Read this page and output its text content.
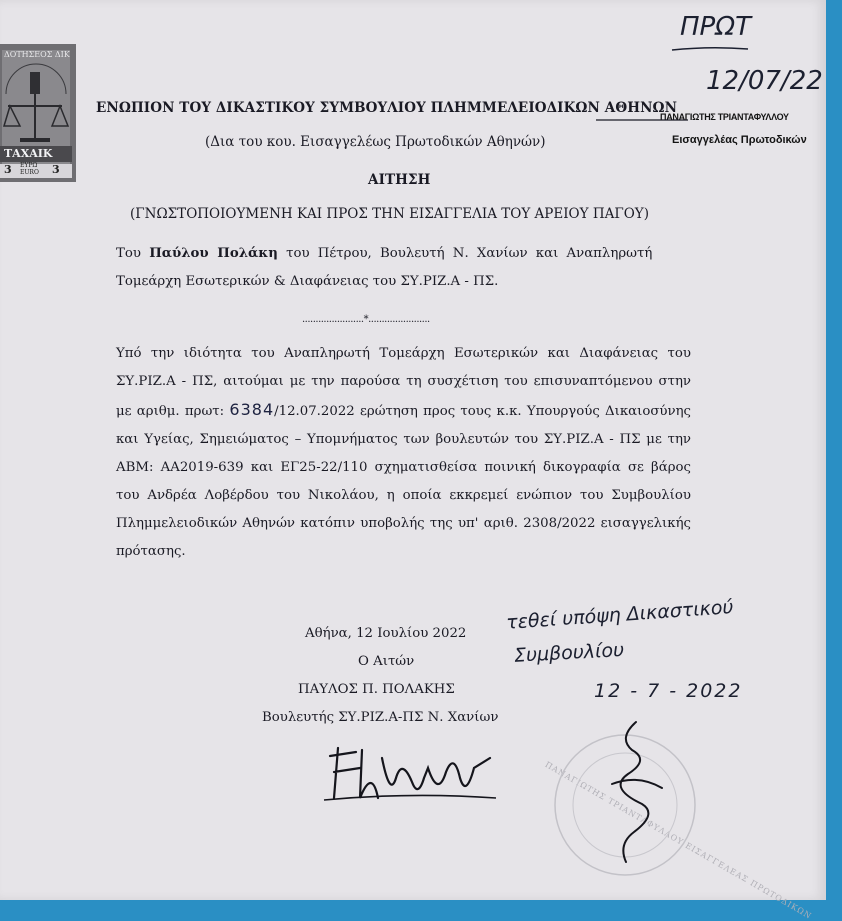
ΔΟΤΗΣΕΟΣ ΔΙΚ
ΤΑΧΑΙΚ
3 ΕΥΡΩ
EURO 3
ΠΡΩΤ
12/07/22
ΠΑΝΑΓΙΩΤΗΣ ΤΡΙΑΝΤΑΦΥΛΛΟΥ
Εισαγγελέας Πρωτοδικών
ΕΝΩΠΙΟΝ ΤΟΥ ΔΙΚΑΣΤΙΚΟΥ ΣΥΜΒΟΥΛΙΟΥ ΠΛΗΜΜΕΛΕΙΟΔΙΚΩΝ ΑΘΗΝΩΝ
(Δια του κου. Εισαγγελέως Πρωτοδικών Αθηνών)
ΑΙΤΗΣΗ
(ΓΝΩΣΤΟΠΟΙΟΥΜΕΝΗ ΚΑΙ ΠΡΟΣ ΤΗΝ ΕΙΣΑΓΓΕΛΙΑ ΤΟΥ ΑΡΕΙΟΥ ΠΑΓΟΥ)
Του Παύλου Πολάκη του Πέτρου, Βουλευτή Ν. Χανίων και Αναπληρωτή
Τομεάρχη Εσωτερικών & Διαφάνειας του ΣΥ.ΡΙΖ.Α - ΠΣ.
.......................*.......................
Υπό την ιδιότητα του Αναπληρωτή Τομεάρχη Εσωτερικών και Διαφάνειας του ΣΥ.ΡΙΖ.Α - ΠΣ, αιτούμαι με την παρούσα τη συσχέτιση του επισυναπτόμενου στην με αριθμ. πρωτ: 6384/12.07.2022 ερώτηση προς τους κ.κ. Υπουργούς Δικαιοσύνης και Υγείας, Σημειώματος – Υπομνήματος των βουλευτών του ΣΥ.ΡΙΖ.Α - ΠΣ με την ΑΒΜ: ΑΑ2019-639 και ΕΓ25-22/110 σχηματισθείσα ποινική δικογραφία σε βάρος του Ανδρέα Λοβέρδου του Νικολάου, η οποία εκκρεμεί ενώπιον του Συμβουλίου Πλημμελειοδικών Αθηνών κατόπιν υποβολής της υπ' αριθ. 2308/2022 εισαγγελικής πρότασης.
Αθήνα, 12 Ιουλίου 2022
Ο Αιτών
ΠΑΥΛΟΣ Π. ΠΟΛΑΚΗΣ
Βουλευτής ΣΥ.ΡΙΖ.Α-ΠΣ Ν. Χανίων
τεθεί υπόψη Δικαστικού
Συμβουλίου
12 - 7 - 2022
ΠΑΝΑΓΙΩΤΗΣ ΤΡΙΑΝΤΑΦΥΛΛΟΥ ΕΙΣΑΓΓΕΛΕΑΣ ΠΡΩΤΟΔΙΚΩΝ
